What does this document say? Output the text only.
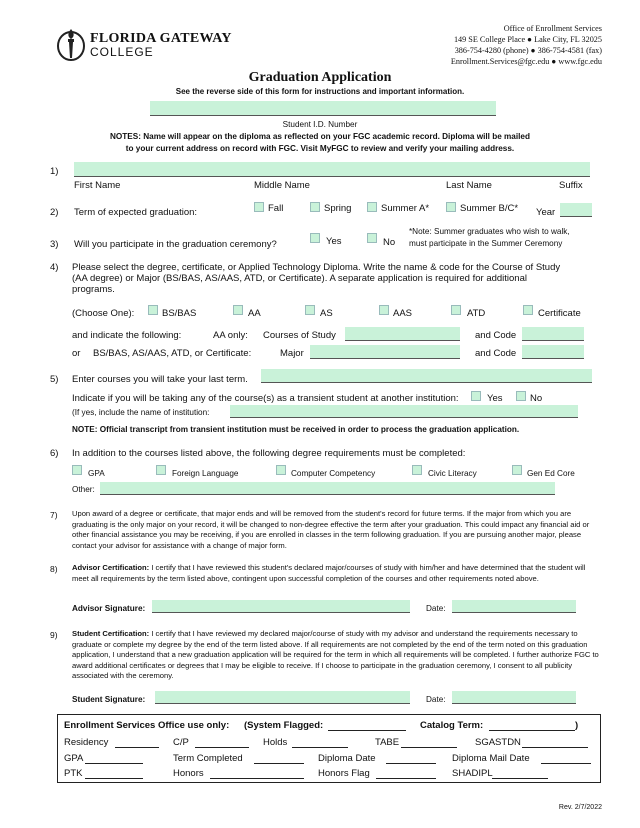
FLORIDA GATEWAY
COLLEGE
Office of Enrollment Services
149 SE College Place ● Lake City, FL 32025
386-754-4280 (phone) ● 386-754-4581 (fax)
Enrollment.Services@fgc.edu ● www.fgc.edu
Graduation Application
See the reverse side of this form for instructions and important information.
Student I.D. Number
NOTES: Name will appear on the diploma as reflected on your FGC academic record. Diploma will be mailed
to your current address on record with FGC. Visit MyFGC to review and verify your mailing address.
1)
First Name	Middle Name	Last Name	Suffix
2) Term of expected graduation:	Fall	Spring	Summer A*	Summer B/C* Year
3) Will you participate in the graduation ceremony?	Yes	No
*Note: Summer graduates who wish to walk,
must participate in the Summer Ceremony
4) Please select the degree, certificate, or Applied Technology Diploma. Write the name & code for the Course of Study
(AA degree) or Major (BS/BAS, AS/AAS, ATD, or Certificate). A separate application is required for additional
programs.
(Choose One):	BS/BAS	AA	AS	AAS	ATD	Certificate
and indicate the following:	AA only: Courses of Study	and Code
or BS/BAS, AS/AAS, ATD, or Certificate:	Major	and Code
5) Enter courses you will take your last term.
Indicate if you will be taking any of the course(s) as a transient student at another institution:	Yes	No
(If yes, include the name of institution:
NOTE: Official transcript from transient institution must be received in order to process the graduation application.
6) In addition to the courses listed above, the following degree requirements must be completed:
GPA	Foreign Language	Computer Competency	Civic Literacy	Gen Ed Core
Other:
7) Upon award of a degree or certificate, that major ends and will be removed from the student's record for future terms. If the major from which you are graduating is the only major on your record, it will be changed to non-degree effective the term after your graduation. This could impact any financial aid or other financial assistance you may be receiving, if you are enrolled in classes in the term following graduation. If you are pursuing another major, please contact your advisor for assistance with a change of major form.
8) Advisor Certification: I certify that I have reviewed this student's declared major/courses of study with him/her and have determined that the student will meet all requirements by the term listed above, contingent upon successful completion of the courses and other requirements noted above.
Advisor Signature:	Date:
9) Student Certification: I certify that I have reviewed my declared major/course of study with my advisor and understand the requirements necessary to graduate or complete my degree by the end of the term listed above. If all requirements are not completed by the end of the term noted on this graduation application, I understand that a new graduation application will be required for the term in which all requirements will be completed. I further authorize FGC to award additional certificates or degrees that I may be eligible to receive. If I choose to participate in the graduation ceremony, I consent to all publicity associated with the ceremony.
Student Signature:	Date:
Enrollment Services Office use only: (System Flagged:	Catalog Term:	)
Residency	C/P	Holds	TABE	SGASTDN
GPA	Term Completed	Diploma Date	Diploma Mail Date
PTK	Honors	Honors Flag	SHADIPL
Rev. 2/7/2022
